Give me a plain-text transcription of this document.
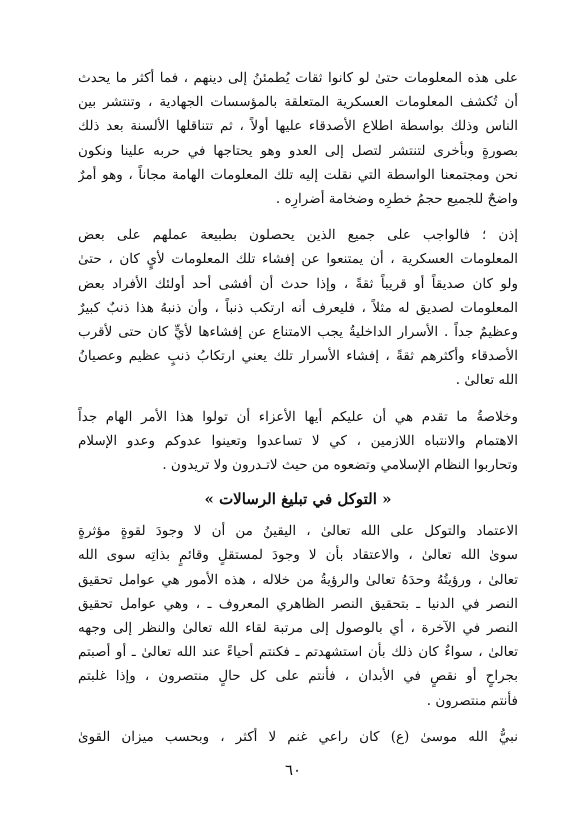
على هذه المعلومات حتىٰ لو كانوا ثقات يُطمئنُ إلى دينهم ، فما أكثر ما يحدث
أن تُكشف المعلومات العسكرية المتعلقة بالمؤسسات الجهادية ، وتنتشر بين
الناس وذلك بواسطة اطلاع الأصدقاء عليها أولاً ، ثم تتناقلها الألسنة بعد ذلك
بصورةٍ وبأخرى لتنتشر لتصل إلى العدو وهو يحتاجها في حربه علينا ونكون
نحن ومجتمعنا الواسطة التي نقلت إليه تلك المعلومات الهامة مجاناً ، وهو أمرٌ
واضحٌ للجميع حجمُ خطرِه وضخامة أضرارِه .
إذن ؛ فالواجب على جميع الذين يحصلون بطبيعة عملهم على بعض
المعلومات العسكرية ، أن يمتنعوا عن إفشاء تلك المعلومات لأيٍ كان ، حتىٰ
ولو كان صديقاً أو قريباً ثقةً ، وإذا حدث أن أفشى أحد أولئك الأفراد بعض
المعلومات لصديق له مثلاً ، فليعرف أنه ارتكب ذنباً ، وأن ذنبهُ هذا ذنبٌ كبيرٌ
وعظيمٌ جداً . الأسرار الداخليةُ يجب الامتناع عن إفشاءها لأيٍّ كان حتى لأقرب
الأصدقاء وأكثرهم ثقةً ، إفشاء الأسرار تلك يعني ارتكابُ ذنبٍ عظيم وعصيانُ
الله تعالىٰ .
وخلاصةُ ما تقدم هي أن عليكم أيها الأعزاء أن تولوا هذا الأمر الهام جداً
الاهتمام والانتباه اللازمين ، كي لا تساعدوا وتعينوا عدوكم وعدو الإسلام
وتحاربوا النظام الإسلامي وتضعوه من حيث لاتـدرون ولا تريدون .
« التوكل في تبليغ الرسالات »
الاعتماد والتوكل على الله تعالىٰ ، اليقينُ من أن لا وجودَ لقوةٍ مؤثرةٍ
سوىٰ الله تعالىٰ ، والاعتقاد بأن لا وجودَ لمستقلٍ وقائمٍ بذاتِه سوى الله
تعالىٰ ، ورؤيتُهُ وحدَهُ تعالىٰ والرؤيةُ من خلاله ، هذه الأمور هي عوامل تحقيق
النصر في الدنيا ـ بتحقيق النصر الظاهري المعروف ـ ، وهي عوامل تحقيق
النصر في الآخرة ، أي بالوصول إلى مرتبة لقاء الله تعالىٰ والنظر إلى وجهه
تعالىٰ ، سواءٌ كان ذلك بأن استشهدتم ـ فكنتم أحياءً عند الله تعالىٰ ـ أو أصبتم
بجراحٍ أو نقصٍ في الأبدان ، فأنتم على كل حالٍ منتصرون ، وإذا غلبتم
فأنتم منتصرون .
نبيُّ الله موسىٰ (ع) كان راعي غنم لا أكثر ، وبحسب ميزان القوىٰ
٦٠
